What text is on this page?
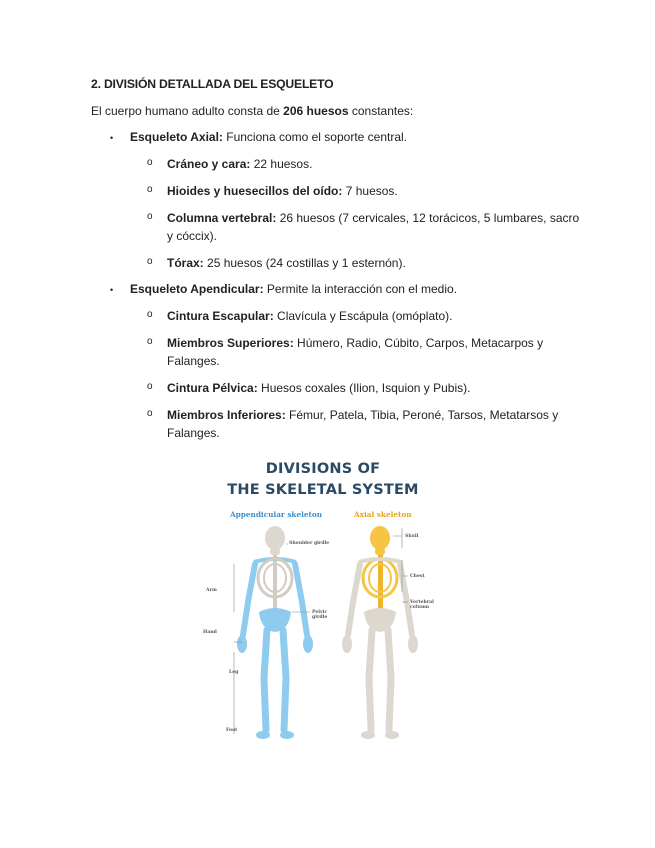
2. DIVISIÓN DETALLADA DEL ESQUELETO
El cuerpo humano adulto consta de 206 huesos constantes:
• Esqueleto Axial: Funciona como el soporte central.
o Cráneo y cara: 22 huesos.
o Hioides y huesecillos del oído: 7 huesos.
o Columna vertebral: 26 huesos (7 cervicales, 12 torácicos, 5 lumbares, sacro y cóccix).
o Tórax: 25 huesos (24 costillas y 1 esternón).
• Esqueleto Apendicular: Permite la interacción con el medio.
o Cintura Escapular: Clavícula y Escápula (omóplato).
o Miembros Superiores: Húmero, Radio, Cúbito, Carpos, Metacarpos y Falanges.
o Cintura Pélvica: Huesos coxales (Ilion, Isquion y Pubis).
o Miembros Inferiores: Fémur, Patela, Tibia, Peroné, Tarsos, Metatarsos y Falanges.
DIVISIONS OF
THE SKELETAL SYSTEM
Appendicular skeleton	Axial skeleton
Shoulder girdle
Arm
Pelvic girdle
Hand
Leg
Foot
Skull
Chest
Vertebral column
